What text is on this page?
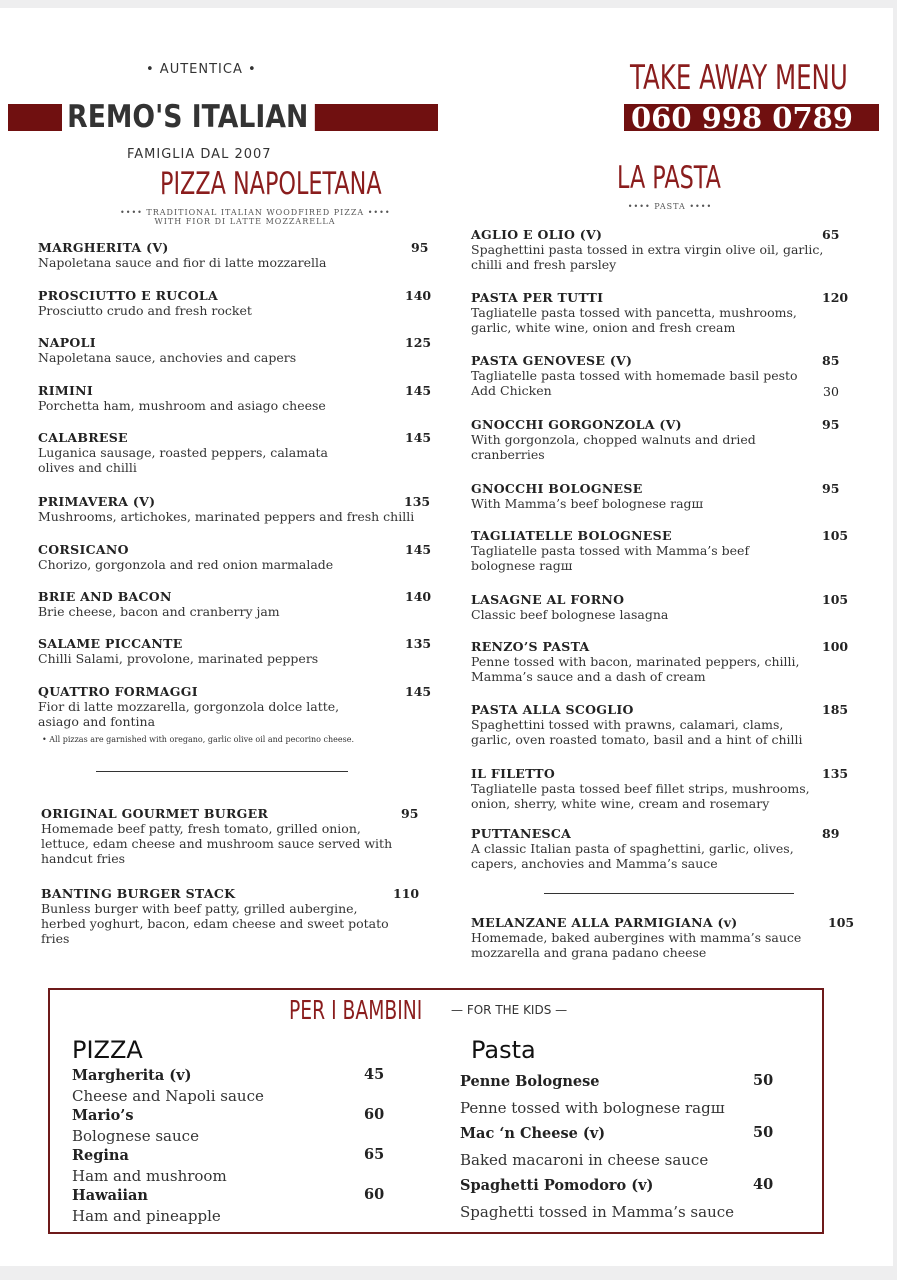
• AUTENTICA •
REMO'S ITALIAN
TAKE AWAY MENU
060 998 0789
FAMIGLIA DAL 2007
PIZZA NAPOLETANA
•••• TRADITIONAL ITALIAN WOODFIRED PIZZA ••••
WITH FIOR DI LATTE MOZZARELLA
LA PASTA
•••• PASTA ••••
MARGHERITA (V)
Napoletana sauce and fior di latte mozzarella
95
PROSCIUTTO E RUCOLA
Prosciutto crudo and fresh rocket
140
NAPOLI
Napoletana sauce, anchovies and capers
125
RIMINI
Porchetta ham, mushroom and asiago cheese
145
CALABRESE
Luganica sausage, roasted peppers, calamata
olives and chilli
145
PRIMAVERA (V)
Mushrooms, artichokes, marinated peppers and fresh chilli
135
CORSICANO
Chorizo, gorgonzola and red onion marmalade
145
BRIE AND BACON
Brie cheese, bacon and cranberry jam
140
SALAME PICCANTE
Chilli Salami, provolone, marinated peppers
135
QUATTRO FORMAGGI
Fior di latte mozzarella, gorgonzola dolce latte,
asiago and fontina
145
• All pizzas are garnished with oregano, garlic olive oil and pecorino cheese.
ORIGINAL GOURMET BURGER
Homemade beef patty, fresh tomato, grilled onion,
lettuce, edam cheese and mushroom sauce served with
handcut fries
95
BANTING BURGER STACK
Bunless burger with beef patty, grilled aubergine,
herbed yoghurt, bacon, edam cheese and sweet potato
fries
110
AGLIO E OLIO (V)
Spaghettini pasta tossed in extra virgin olive oil, garlic,
chilli and fresh parsley
65
PASTA PER TUTTI
Tagliatelle pasta tossed with pancetta, mushrooms,
garlic, white wine, onion and fresh cream
120
PASTA GENOVESE (V)
Tagliatelle pasta tossed with homemade basil pesto
Add Chicken
85
30
GNOCCHI GORGONZOLA (V)
With gorgonzola, chopped walnuts and dried
cranberries
95
GNOCCHI BOLOGNESE
With Mamma’s beef bolognese ragш
95
TAGLIATELLE BOLOGNESE
Tagliatelle pasta tossed with Mamma’s beef
bolognese ragш
105
LASAGNE AL FORNO
Classic beef bolognese lasagna
105
RENZO’S PASTA
Penne tossed with bacon, marinated peppers, chilli,
Mamma’s sauce and a dash of cream
100
PASTA ALLA SCOGLIO
Spaghettini tossed with prawns, calamari, clams,
garlic, oven roasted tomato, basil and a hint of chilli
185
IL FILETTO
Tagliatelle pasta tossed beef fillet strips, mushrooms,
onion, sherry, white wine, cream and rosemary
135
PUTTANESCA
A classic Italian pasta of spaghettini, garlic, olives,
capers, anchovies and Mamma’s sauce
89
MELANZANE ALLA PARMIGIANA (v)
Homemade, baked aubergines with mamma’s sauce
mozzarella and grana padano cheese
105
PER I BAMBINI — FOR THE KIDS —
PIZZA	Pasta
Margherita (v)
Cheese and Napoli sauce
45
Mario’s
Bolognese sauce
60
Regina
Ham and mushroom
65
Hawaiian
Ham and pineapple
60
Penne Bolognese
Penne tossed with bolognese ragш
50
Mac ‘n Cheese (v)
Baked macaroni in cheese sauce
50
Spaghetti Pomodoro (v)
Spaghetti tossed in Mamma’s sauce
40
